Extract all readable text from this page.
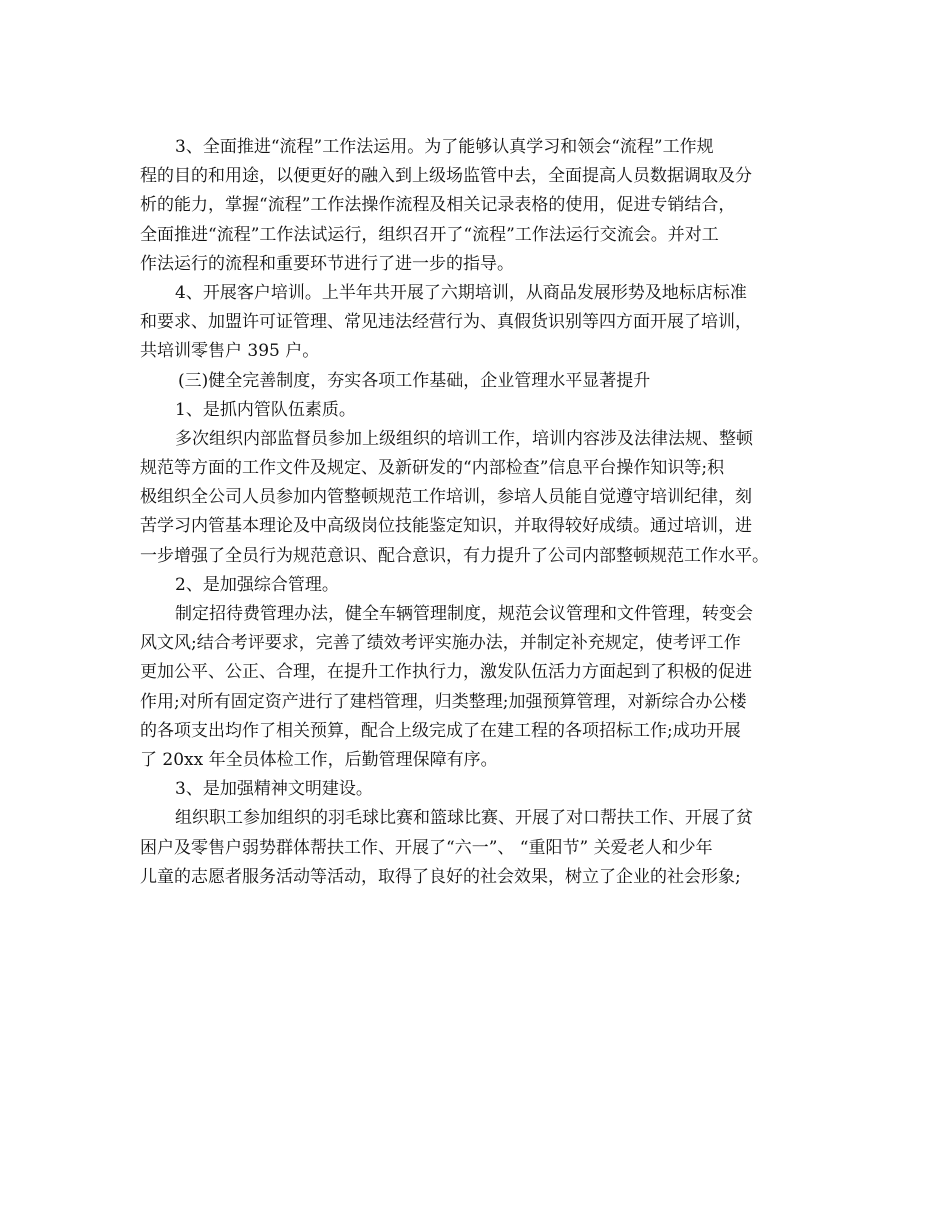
3、全面推进“流程”工作法运用。为了能够认真学习和领会“流程”工作规
程的目的和用途，以便更好的融入到上级场监管中去，全面提高人员数据调取及分
析的能力，掌握“流程”工作法操作流程及相关记录表格的使用，促进专销结合，
全面推进“流程”工作法试运行，组织召开了“流程”工作法运行交流会。并对工
作法运行的流程和重要环节进行了进一步的指导。
4、开展客户培训。上半年共开展了六期培训，从商品发展形势及地标店标准
和要求、加盟许可证管理、常见违法经营行为、真假货识别等四方面开展了培训，
共培训零售户 395 户。
(三)健全完善制度，夯实各项工作基础，企业管理水平显著提升
1、是抓内管队伍素质。
多次组织内部监督员参加上级组织的培训工作，培训内容涉及法律法规、整顿
规范等方面的工作文件及规定、及新研发的“内部检查”信息平台操作知识等;积
极组织全公司人员参加内管整顿规范工作培训，参培人员能自觉遵守培训纪律，刻
苦学习内管基本理论及中高级岗位技能鉴定知识，并取得较好成绩。通过培训，进
一步增强了全员行为规范意识、配合意识，有力提升了公司内部整顿规范工作水平。
2、是加强综合管理。
制定招待费管理办法，健全车辆管理制度，规范会议管理和文件管理，转变会
风文风;结合考评要求，完善了绩效考评实施办法，并制定补充规定，使考评工作
更加公平、公正、合理，在提升工作执行力，激发队伍活力方面起到了积极的促进
作用;对所有固定资产进行了建档管理，归类整理;加强预算管理，对新综合办公楼
的各项支出均作了相关预算，配合上级完成了在建工程的各项招标工作;成功开展
了 20xx 年全员体检工作，后勤管理保障有序。
3、是加强精神文明建设。
组织职工参加组织的羽毛球比赛和篮球比赛、开展了对口帮扶工作、开展了贫
困户及零售户弱势群体帮扶工作、开展了“六一”、 “重阳节” 关爱老人和少年
儿童的志愿者服务活动等活动，取得了良好的社会效果，树立了企业的社会形象;
